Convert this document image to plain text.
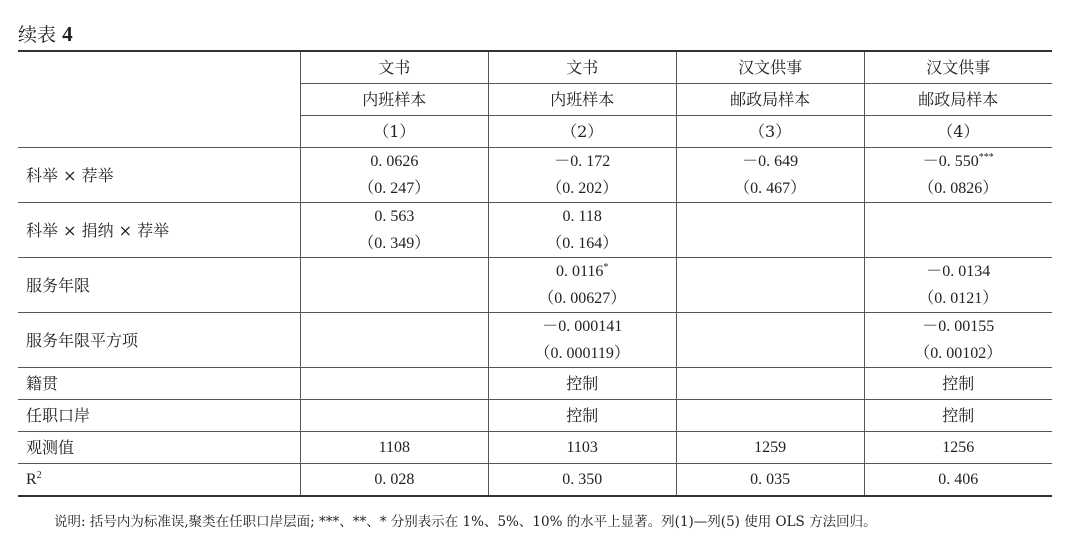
续表 4
	文书	文书	汉文供事	汉文供事
	内班样本	内班样本	邮政局样本	邮政局样本
	（1）	（2）	（3）	（4）
科举 × 荐举	0. 0626	－0. 172	－0. 649	－0. 550***
	（0. 247）	（0. 202）	（0. 467）	（0. 0826）
科举 × 捐纳 × 荐举	0. 563	0. 118		
	（0. 349）	（0. 164）		
服务年限		0. 0116*		－0. 0134
		（0. 00627）		（0. 0121）
服务年限平方项		－0. 000141		－0. 00155
		（0. 000119）		（0. 00102）
籍贯		控制		控制
任职口岸		控制		控制
观测值	1108	1103	1259	1256
$R^2$	0. 028	0. 350	0. 035	0. 406
说明: 括号内为标准误,聚类在任职口岸层面; ***、**、* 分别表示在 1%、5%、10% 的水平上显著。列(1)—列(5) 使用 OLS 方法回归。
